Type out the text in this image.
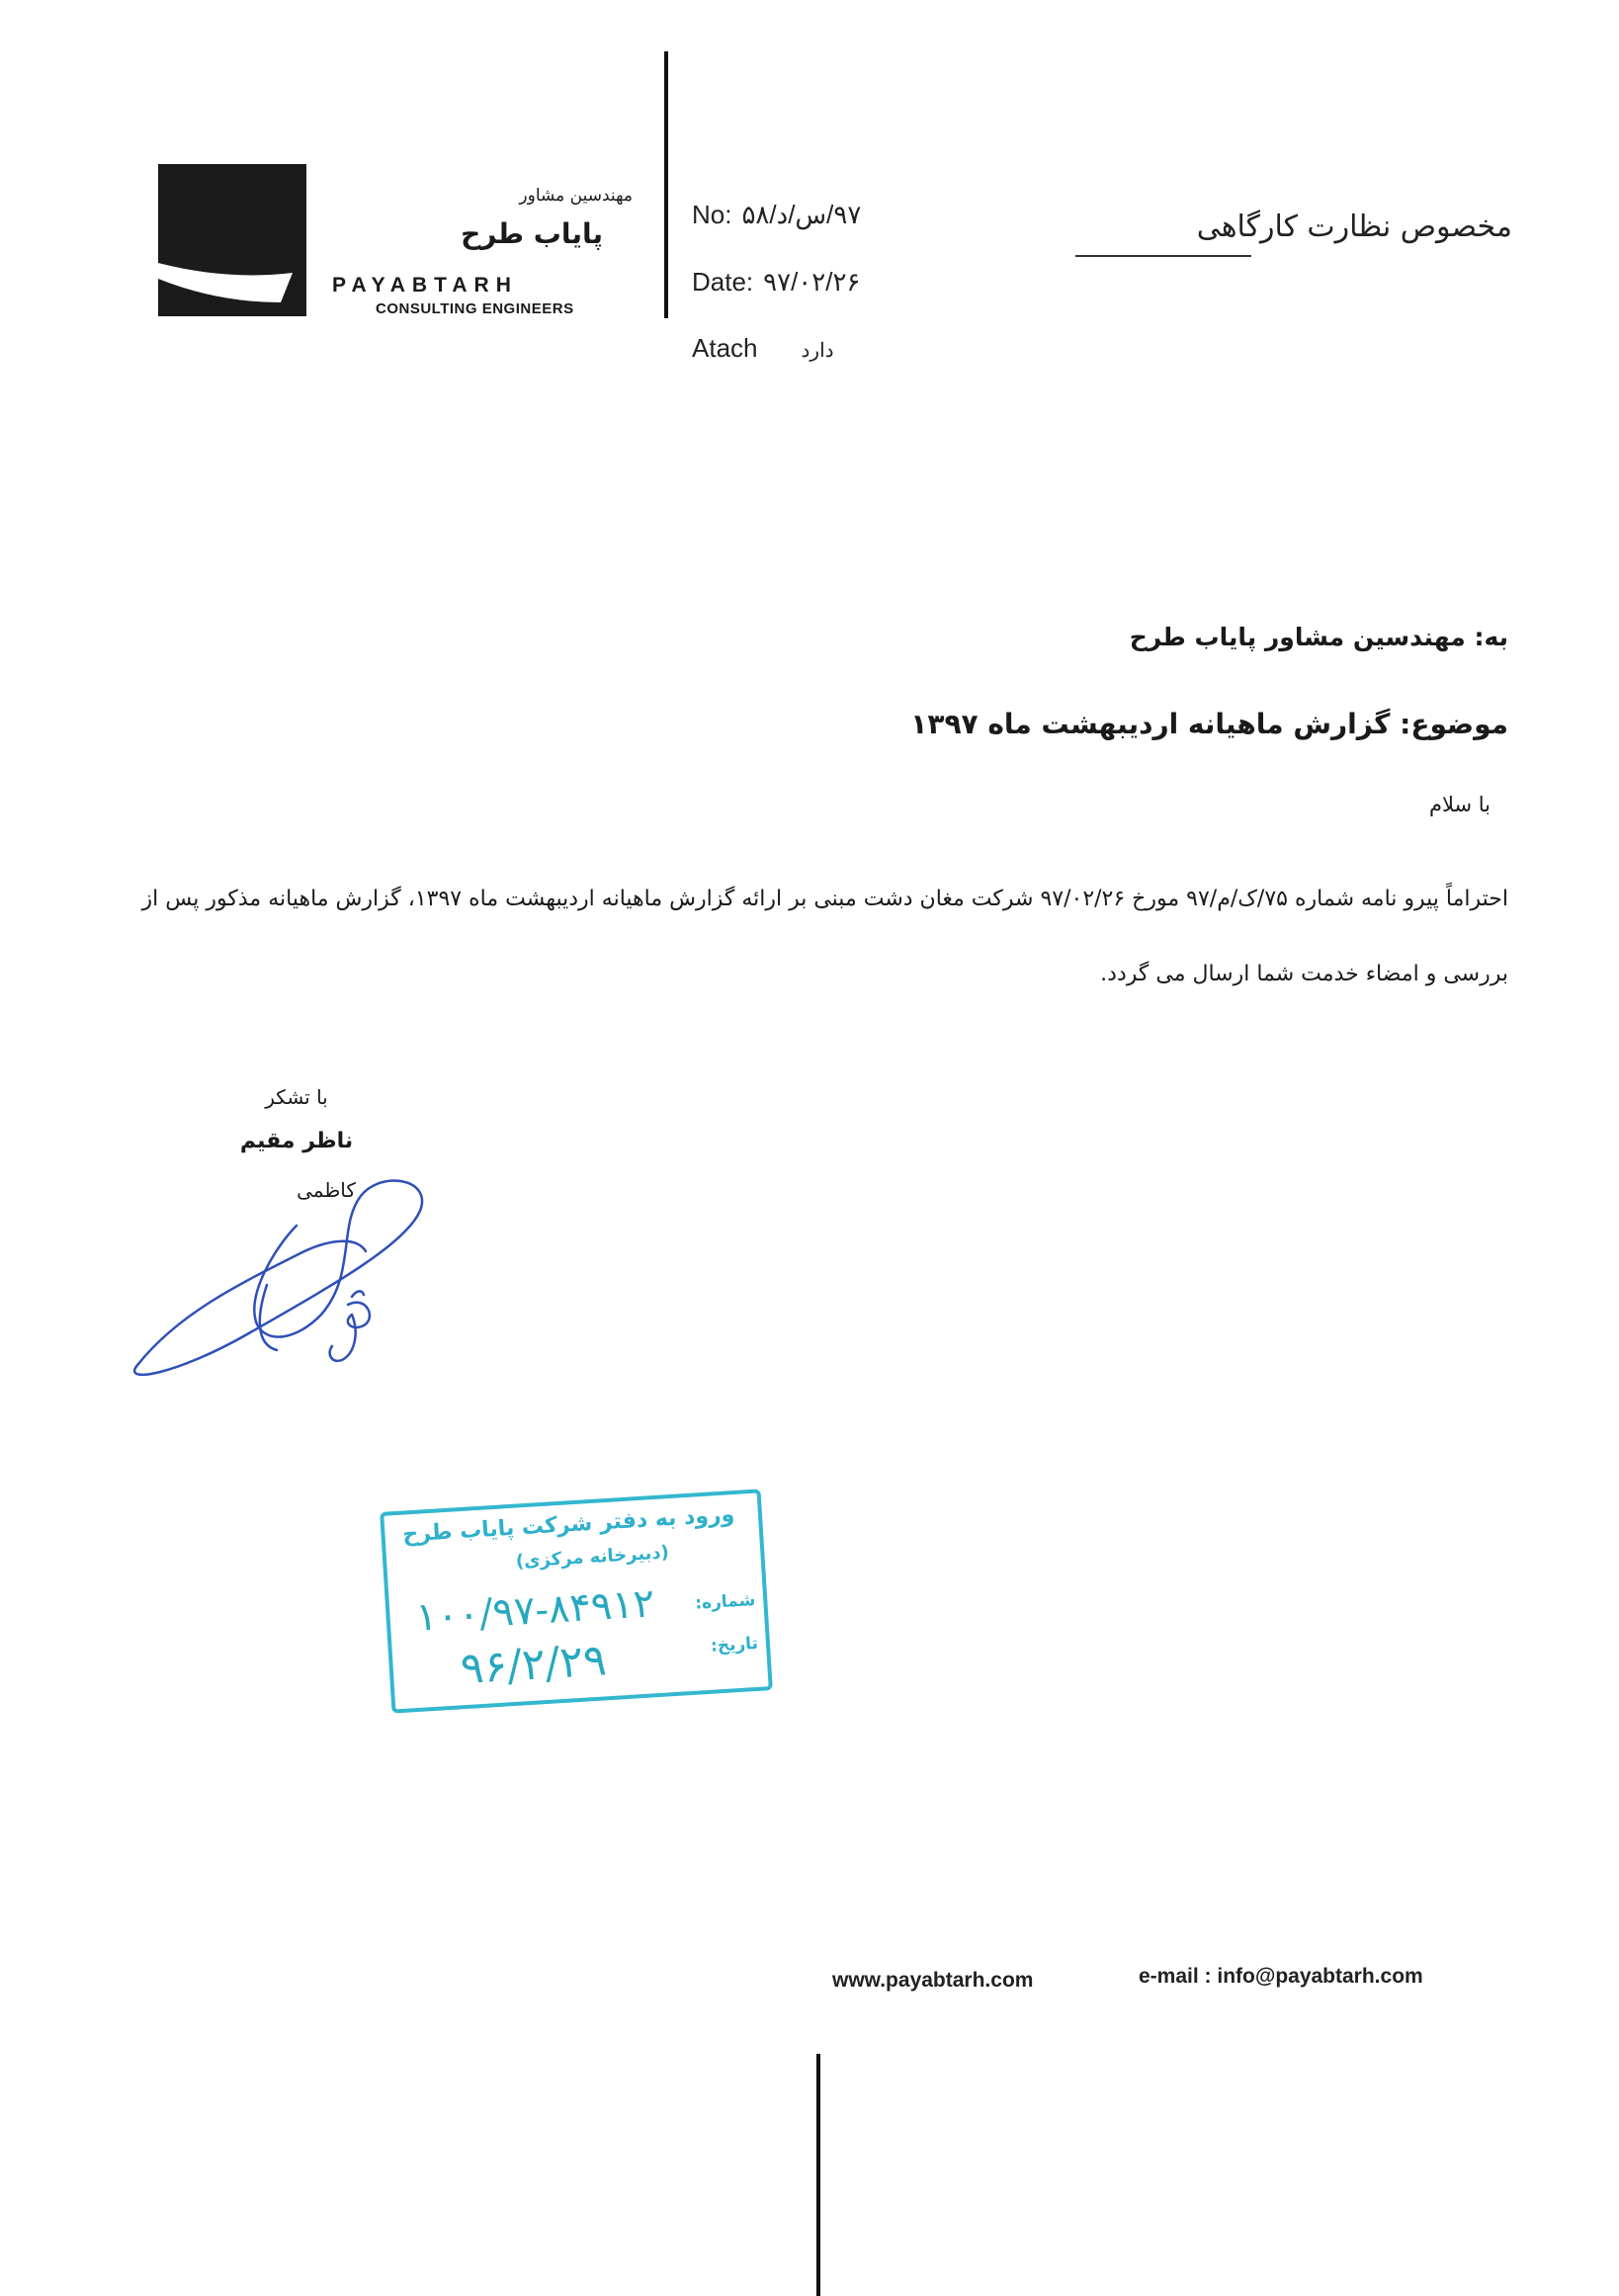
مهندسین مشاور
پایاب طرح
PAYABTARH
CONSULTING ENGINEERS
No: ۹۷/س/د/۵۸
Date: ۹۷/۰۲/۲۶
Atach دارد
مخصوص نظارت کارگاهی
به: مهندسین مشاور پایاب طرح
موضوع: گزارش ماهیانه اردیبهشت ماه ۱۳۹۷
با سلام
احتراماً پیرو نامه شماره ۷۵/ک/م/۹۷ مورخ ۹۷/۰۲/۲۶ شرکت مغان دشت مبنی بر ارائه گزارش ماهیانه اردیبهشت ماه ۱۳۹۷، گزارش ماهیانه مذکور پس از بررسی و امضاء خدمت شما ارسال می گردد.
با تشکر
ناظر مقیم
کاظمی
ورود به دفتر شرکت پایاب طرح
(دبیرخانه مرکزی)
شماره:
تاریخ:
۱۰۰/۹۷-۸۴۹۱۲
۹۶/۲/۲۹
www.payabtarh.com	e-mail : info@payabtarh.com
